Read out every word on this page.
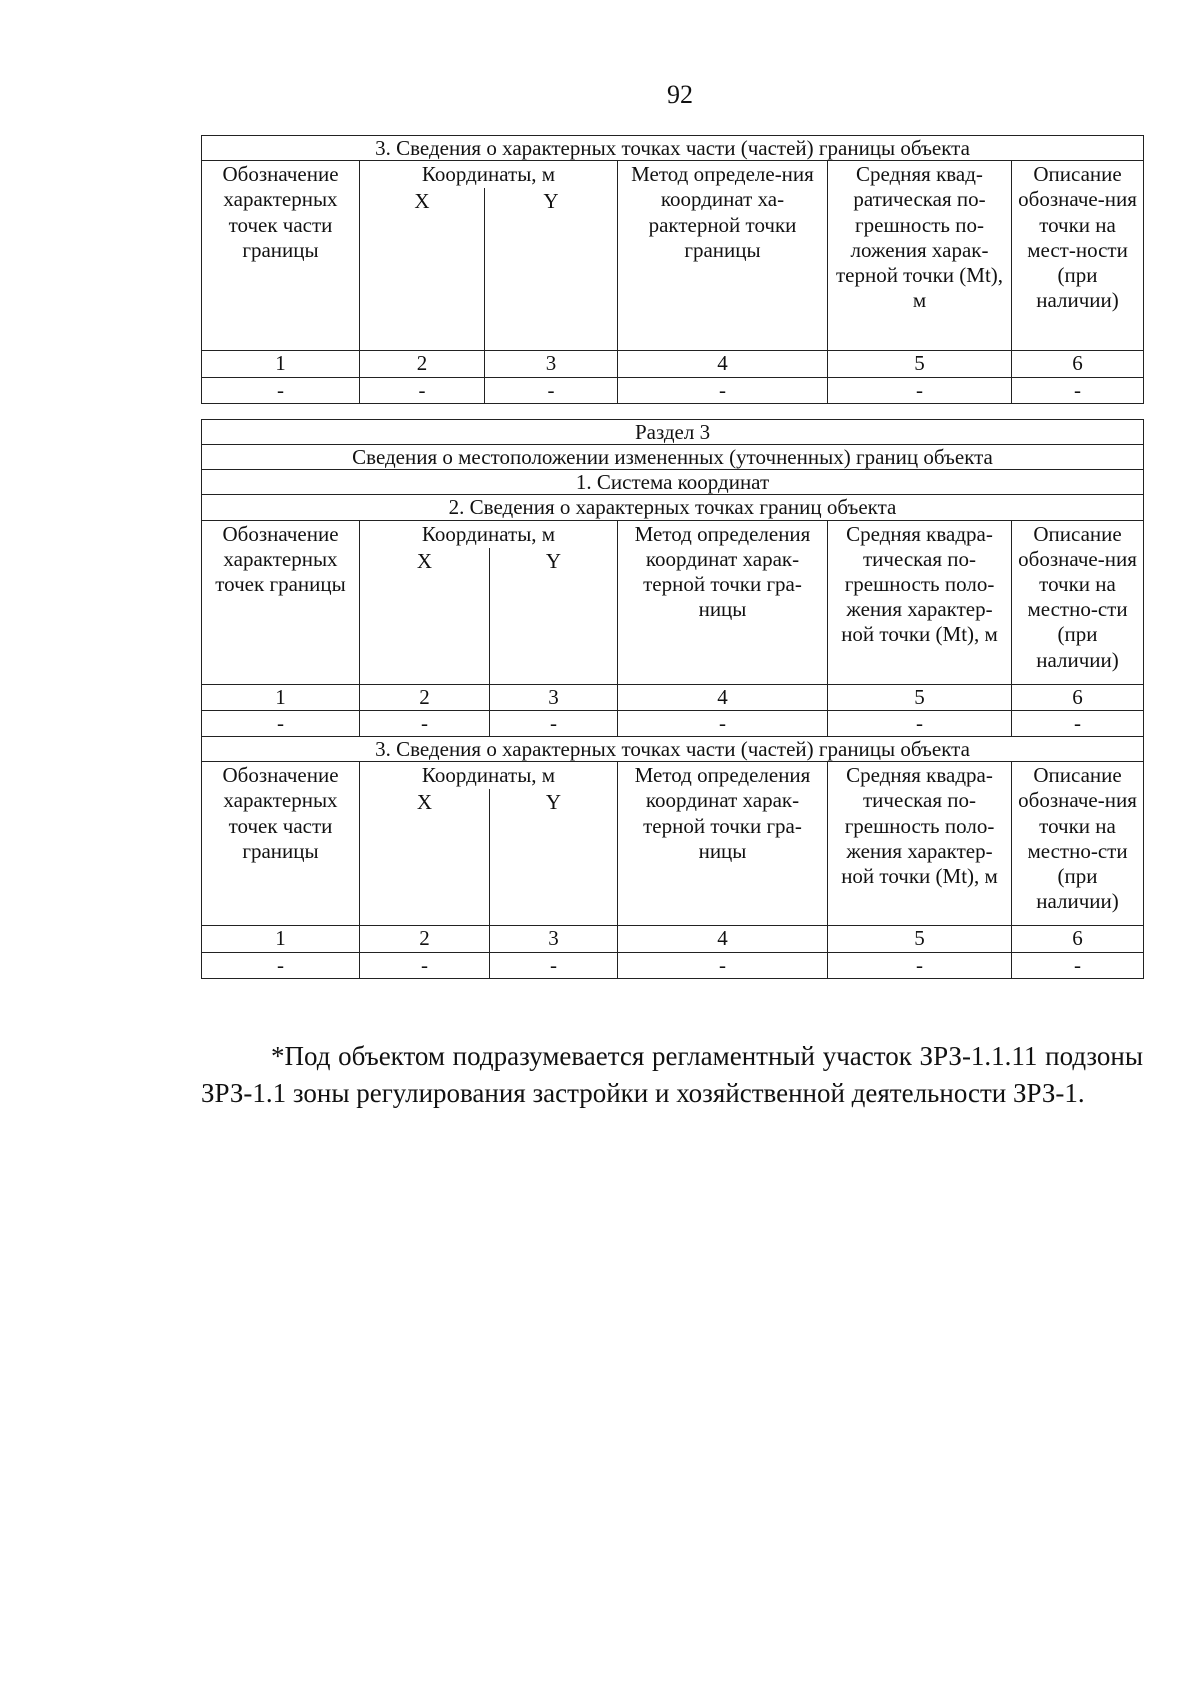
92
3. Сведения о характерных точках части (частей) границы объекта					
Обозначение характерных точек части границы	Координаты, м		Метод определе-ния координат ха-рактерной точки границы	Средняя квад-ратическая по-грешность по-ложения харак-терной точки (Mt), м	Описание обозначе-ния точки на мест-ности (при наличии)
	X	Y			
1	2	3	4	5	6
-	-	-	-	-	-
Раздел 3					
Сведения о местоположении измененных (уточненных) границ объекта					
1. Система координат					
2. Сведения о характерных точках границ объекта					
Обозначение характерных точек границы	Координаты, м		Метод определения координат харак-терной точки гра-ницы	Средняя квадра-тическая по-грешность поло-жения характер-ной точки (Mt), м	Описание обозначе-ния точки на местно-сти (при наличии)
	X	Y			
1	2	3	4	5	6
-	-	-	-	-	-
3. Сведения о характерных точках части (частей) границы объекта					
Обозначение характерных точек части границы	Координаты, м		Метод определения координат харак-терной точки гра-ницы	Средняя квадра-тическая по-грешность поло-жения характер-ной точки (Mt), м	Описание обозначе-ния точки на местно-сти (при наличии)
	X	Y			
1	2	3	4	5	6
-	-	-	-	-	-
*Под объектом подразумевается регламентный участок ЗРЗ-1.1.11 подзоны ЗРЗ-1.1 зоны регулирования застройки и хозяйственной деятельности ЗРЗ-1.
